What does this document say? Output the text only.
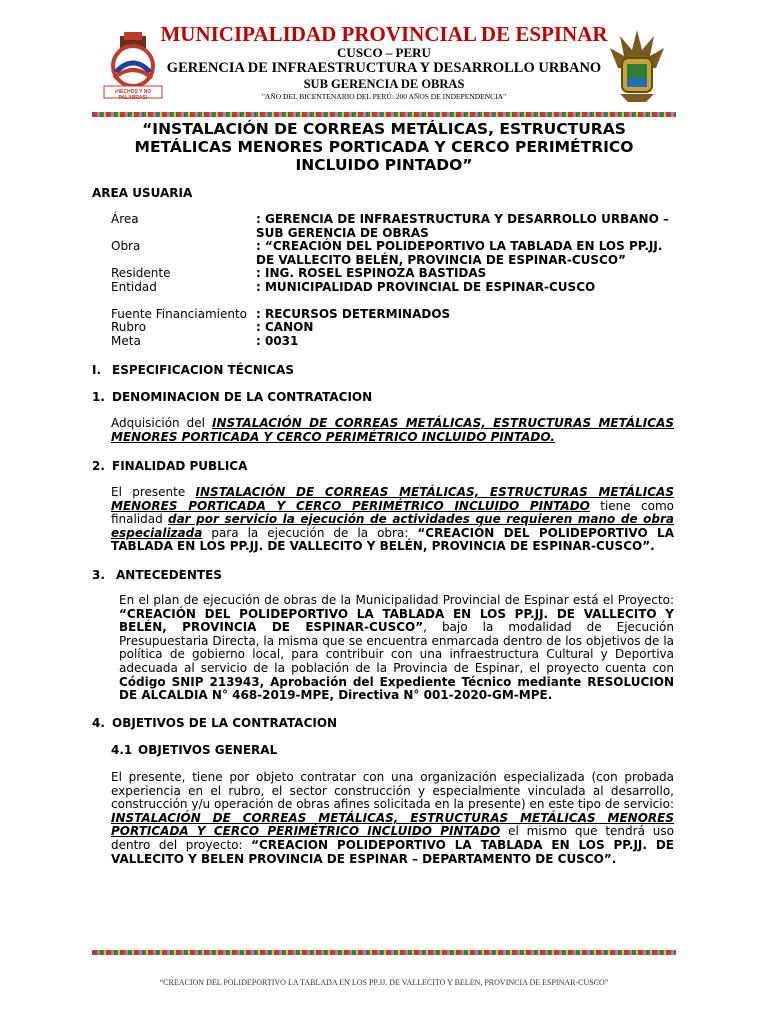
¡HECHOS Y NO PALABRAS!
MUNICIPALIDAD PROVINCIAL DE ESPINAR
CUSCO – PERU
GERENCIA DE INFRAESTRUCTURA Y DESARROLLO URBANO
SUB GERENCIA DE OBRAS
"AÑO DEL BICENTENARIO DEL PERÚ: 200 AÑOS DE INDEPENDENCIA"
“INSTALACIÓN DE CORREAS METÁLICAS, ESTRUCTURAS
METÁLICAS MENORES PORTICADA Y CERCO PERIMÉTRICO
INCLUIDO PINTADO”
AREA USUARIA
Área	: GERENCIA DE INFRAESTRUCTURA Y DESARROLLO URBANO –
SUB GERENCIA DE OBRAS
Obra	: “CREACIÓN DEL POLIDEPORTIVO LA TABLADA EN LOS PP.JJ.
DE VALLECITO BELÉN, PROVINCIA DE ESPINAR-CUSCO”
Residente	: ING. ROSEL ESPINOZA BASTIDAS
Entidad	: MUNICIPALIDAD PROVINCIAL DE ESPINAR-CUSCO
Fuente Financiamiento : RECURSOS DETERMINADOS
Rubro	: CANON
Meta	: 0031
I. ESPECIFICACION TÉCNICAS
1. DENOMINACION DE LA CONTRATACION
Adquisición del INSTALACIÓN DE CORREAS METÁLICAS, ESTRUCTURAS METÁLICAS MENORES PORTICADA Y CERCO PERIMÉTRICO INCLUIDO PINTADO.
2. FINALIDAD PUBLICA
El presente INSTALACIÓN DE CORREAS METÁLICAS, ESTRUCTURAS METÁLICAS MENORES PORTICADA Y CERCO PERIMÉTRICO INCLUIDO PINTADO tiene como finalidad dar por servicio la ejecución de actividades que requieren mano de obra especializada para la ejecución de la obra: “CREACIÓN DEL POLIDEPORTIVO LA TABLADA EN LOS PP.JJ. DE VALLECITO Y BELÉN, PROVINCIA DE ESPINAR-CUSCO”.
3. ANTECEDENTES
En el plan de ejecución de obras de la Municipalidad Provincial de Espinar está el Proyecto: “CREACIÓN DEL POLIDEPORTIVO LA TABLADA EN LOS PP.JJ. DE VALLECITO Y BELÉN, PROVINCIA DE ESPINAR-CUSCO”, bajo la modalidad de Ejecución Presupuestaria Directa, la misma que se encuentra enmarcada dentro de los objetivos de la política de gobierno local, para contribuir con una infraestructura Cultural y Deportiva adecuada al servicio de la población de la Provincia de Espinar, el proyecto cuenta con Código SNIP 213943, Aprobación del Expediente Técnico mediante RESOLUCION DE ALCALDIA N° 468-2019-MPE, Directiva N° 001-2020-GM-MPE.
4. OBJETIVOS DE LA CONTRATACION
4.1 OBJETIVOS GENERAL
El presente, tiene por objeto contratar con una organización especializada (con probada experiencia en el rubro, el sector construcción y especialmente vinculada al desarrollo, construcción y/u operación de obras afines solicitada en la presente) en este tipo de servicio: INSTALACIÓN DE CORREAS METÁLICAS, ESTRUCTURAS METÁLICAS MENORES PORTICADA Y CERCO PERIMÉTRICO INCLUIDO PINTADO el mismo que tendrá uso dentro del proyecto: “CREACION POLIDEPORTIVO LA TABLADA EN LOS PP.JJ. DE VALLECITO Y BELEN PROVINCIA DE ESPINAR – DEPARTAMENTO DE CUSCO”.
“CREACION DEL POLIDEPORTIVO LA TABLADA EN LOS PP.JJ. DE VALLECITO Y BELEN, PROVINCIA DE ESPINAR-CUSCO”
